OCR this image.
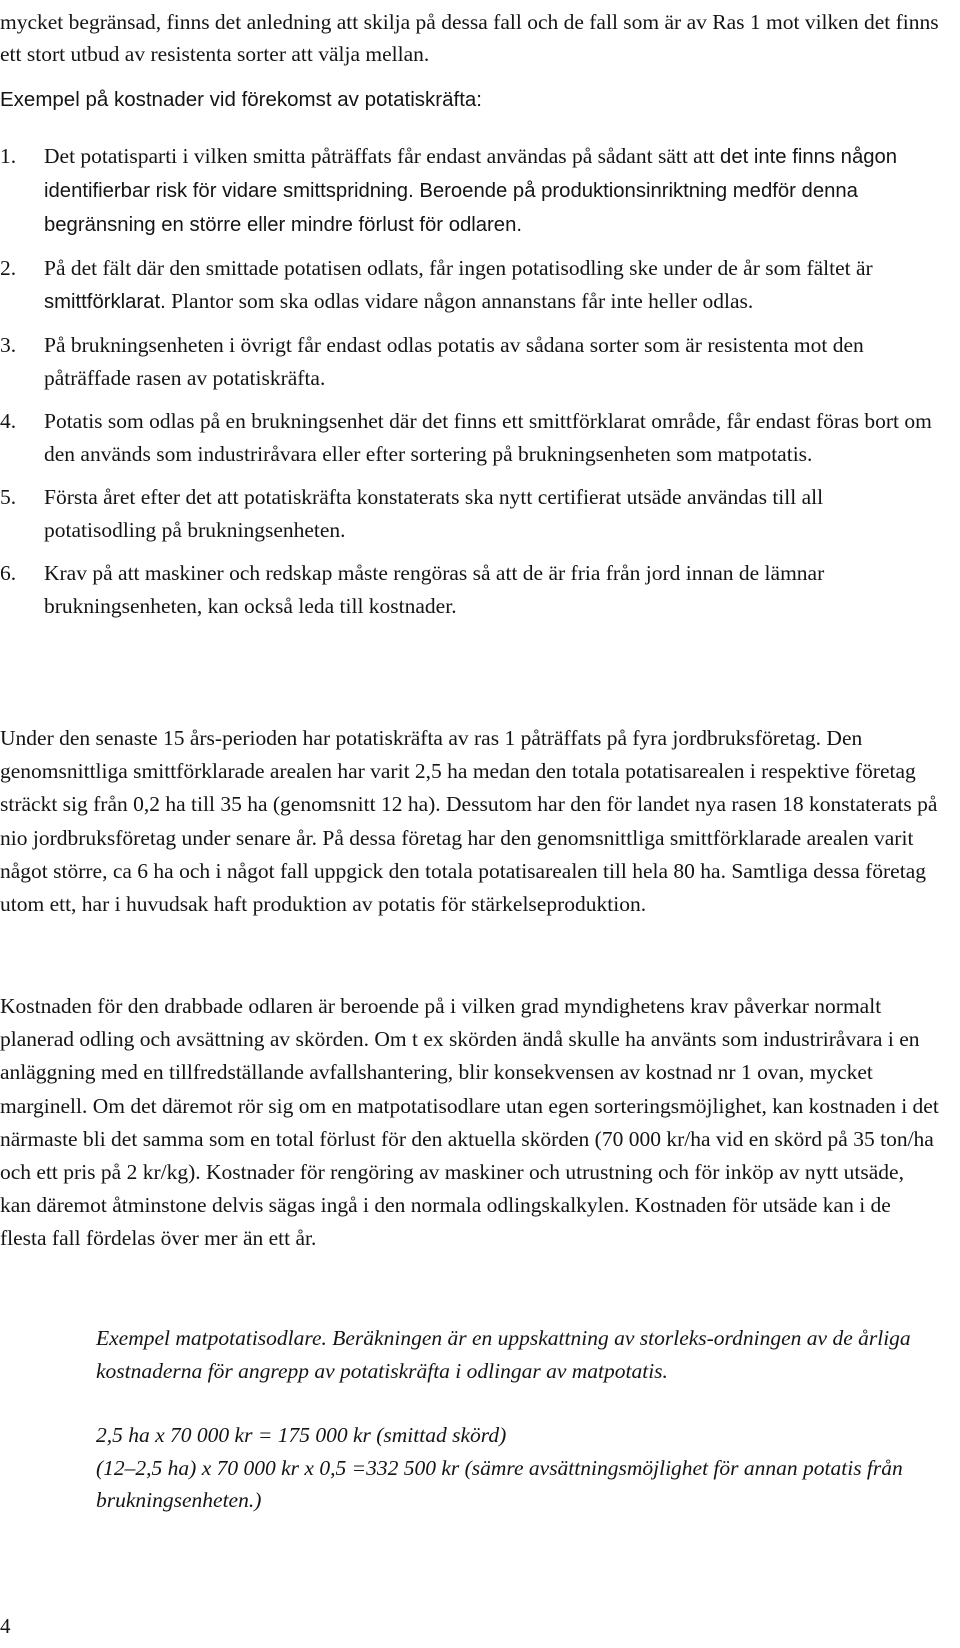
mycket begränsad, finns det anledning att skilja på dessa fall och de fall som är av Ras 1 mot vilken det finns ett stort utbud av resistenta sorter att välja mellan.

Exempel på kostnader vid förekomst av potatiskräfta:

1.	Det potatisparti i vilken smitta påträffats får endast användas på sådant sätt att det inte finns någon identifierbar risk för vidare smittspridning. Beroende på produktionsinriktning medför denna begränsning en större eller mindre förlust för odlaren.
2.	På det fält där den smittade potatisen odlats, får ingen potatisodling ske under de år som fältet är smittförklarat. Plantor som ska odlas vidare någon annanstans får inte heller odlas.
3.	På brukningsenheten i övrigt får endast odlas potatis av sådana sorter som är resistenta mot den påträffade rasen av potatiskräfta.
4.	Potatis som odlas på en brukningsenhet där det finns ett smittförklarat område, får endast föras bort om den används som industriråvara eller efter sortering på brukningsenheten som matpotatis.
5.	Första året efter det att potatiskräfta konstaterats ska nytt certifierat utsäde användas till all potatisodling på brukningsenheten.
6.	Krav på att maskiner och redskap måste rengöras så att de är fria från jord innan de lämnar brukningsenheten, kan också leda till kostnader.

Under den senaste 15 års-perioden har potatiskräfta av ras 1 påträffats på fyra jordbruksföretag. Den genomsnittliga smittförklarade arealen har varit 2,5 ha medan den totala potatisarealen i respektive företag sträckt sig från 0,2 ha till 35 ha (genomsnitt 12 ha). Dessutom har den för landet nya rasen 18 konstaterats på nio jordbruksföretag under senare år. På dessa företag har den genomsnittliga smittförklarade arealen varit något större, ca 6 ha och i något fall uppgick den totala potatisarealen till hela 80 ha. Samtliga dessa företag utom ett, har i huvudsak haft produktion av potatis för stärkelseproduktion.

Kostnaden för den drabbade odlaren är beroende på i vilken grad myndighetens krav påverkar normalt planerad odling och avsättning av skörden. Om t ex skörden ändå skulle ha använts som industriråvara i en anläggning med en tillfredställande avfallshantering, blir konsekvensen av kostnad nr 1 ovan, mycket marginell. Om det däremot rör sig om en matpotatisodlare utan egen sorteringsmöjlighet, kan kostnaden i det närmaste bli det samma som en total förlust för den aktuella skörden (70 000 kr/ha vid en skörd på 35 ton/ha och ett pris på 2 kr/kg). Kostnader för rengöring av maskiner och utrustning och för inköp av nytt utsäde, kan däremot åtminstone delvis sägas ingå i den normala odlingskalkylen. Kostnaden för utsäde kan i de flesta fall fördelas över mer än ett år.

Exempel matpotatisodlare. Beräkningen är en uppskattning av storleks-ordningen av de årliga kostnaderna för angrepp av potatiskräfta i odlingar av matpotatis.

2,5 ha x 70 000 kr = 175 000 kr (smittad skörd)

(12–2,5 ha) x 70 000 kr x 0,5 =332 500 kr (sämre avsättningsmöjlighet för annan potatis från brukningsenheten.)

4
